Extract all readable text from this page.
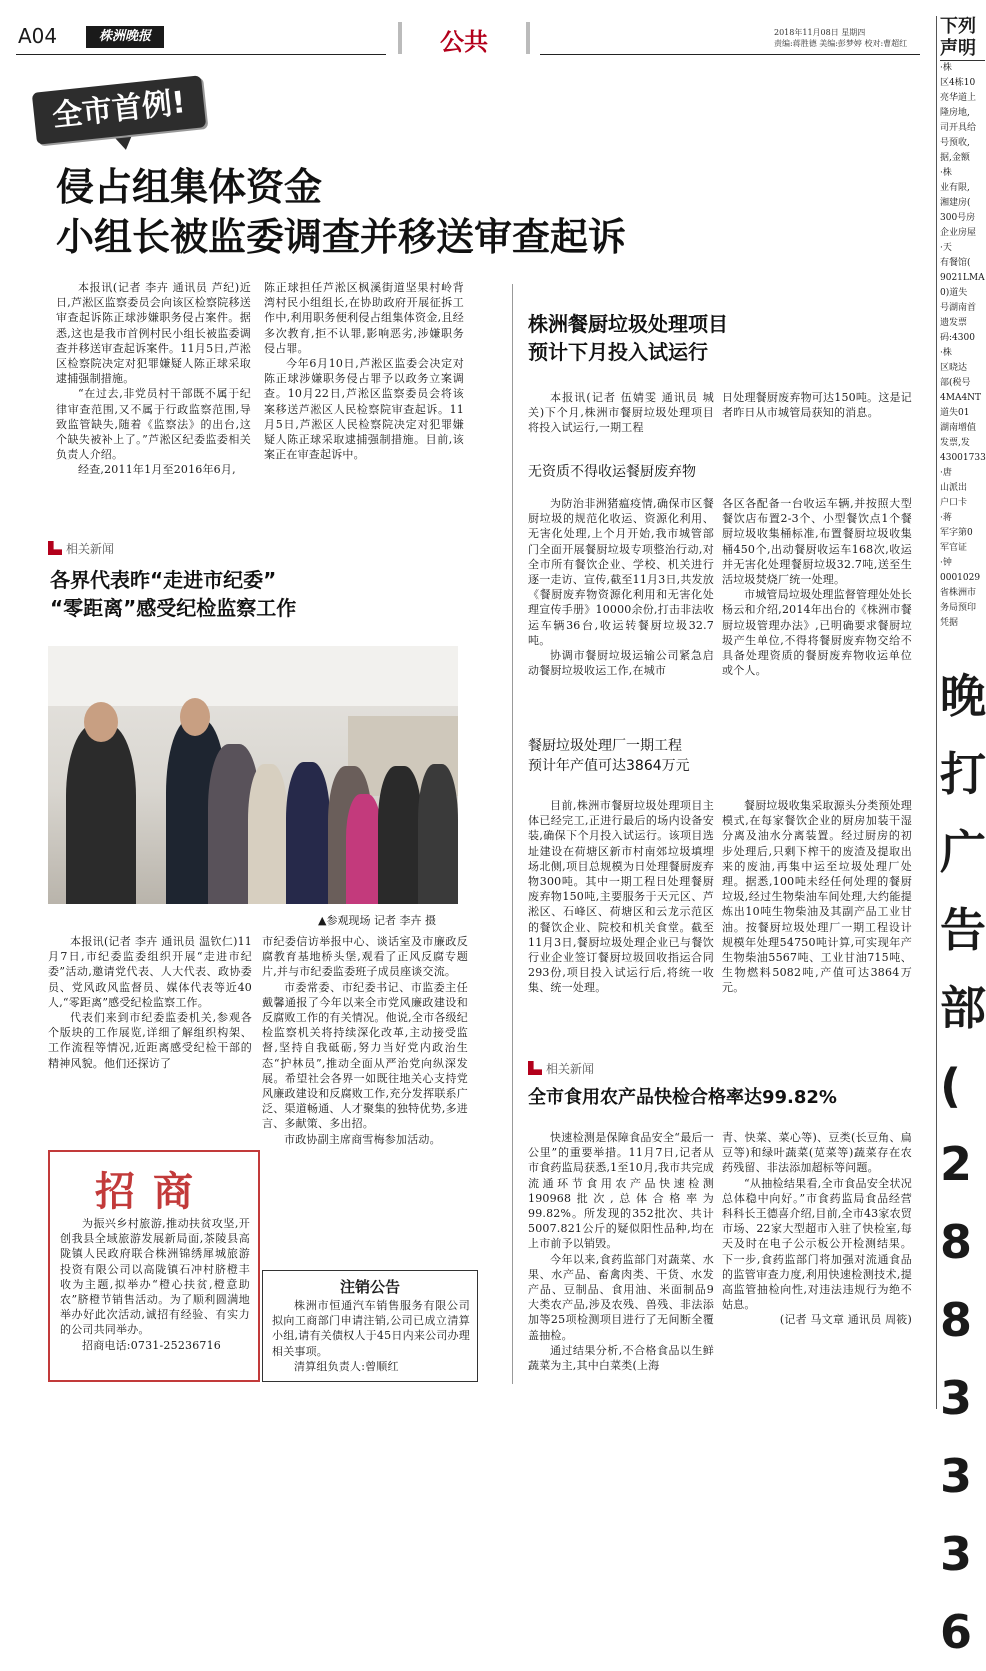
A04	株洲晚报	公共	2018年11月08日 星期四
责编:蒋胜德 美编:彭梦婷 校对:曹超红
全市首例!
侵占组集体资金
小组长被监委调查并移送审查起诉

本报讯(记者 李卉 通讯员 芦纪)近日,芦淞区监察委员会向该区检察院移送审查起诉陈正球涉嫌职务侵占案件。据悉,这也是我市首例村民小组长被监委调查并移送审查起诉案件。11月5日,芦淞区检察院决定对犯罪嫌疑人陈正球采取逮捕强制措施。

“在过去,非党员村干部既不属于纪律审查范围,又不属于行政监察范围,导致监管缺失,随着《监察法》的出台,这个缺失被补上了。”芦淞区纪委监委相关负责人介绍。

经查,2011年1月至2016年6月,

陈正球担任芦淞区枫溪街道坚果村岭背湾村民小组组长,在协助政府开展征拆工作中,利用职务便利侵占组集体资金,且经多次教育,拒不认罪,影响恶劣,涉嫌职务侵占罪。

今年6月10日,芦淞区监委会决定对陈正球涉嫌职务侵占罪予以政务立案调查。10月22日,芦淞区监察委员会将该案移送芦淞区人民检察院审查起诉。11月5日,芦淞区人民检察院决定对犯罪嫌疑人陈正球采取逮捕强制措施。目前,该案正在审查起诉中。

相关新闻
各界代表昨“走进市纪委”
“零距离”感受纪检监察工作
▲参观现场 记者 李卉 摄

本报讯(记者 李卉 通讯员 温钦仁)11月7日,市纪委监委组织开展“走进市纪委”活动,邀请党代表、人大代表、政协委员、党风政风监督员、媒体代表等近40人,“零距离”感受纪检监察工作。

代表们来到市纪委监委机关,参观各个版块的工作展览,详细了解组织构架、工作流程等情况,近距离感受纪检干部的精神风貌。他们还探访了

市纪委信访举报中心、谈话室及市廉政反腐教育基地桥头堡,观看了正风反腐专题片,并与市纪委监委班子成员座谈交流。

市委常委、市纪委书记、市监委主任戴馨通报了今年以来全市党风廉政建设和反腐败工作的有关情况。他说,全市各级纪检监察机关将持续深化改革,主动接受监督,坚持自我砥砺,努力当好党内政治生态“护林员”,推动全面从严治党向纵深发展。希望社会各界一如既往地关心支持党风廉政建设和反腐败工作,充分发挥联系广泛、渠道畅通、人才聚集的独特优势,多进言、多献策、多出招。

市政协副主席商雪梅参加活动。

招商

为振兴乡村旅游,推动扶贫攻坚,开创我县全域旅游发展新局面,茶陵县高陇镇人民政府联合株洲锦绣犀城旅游投资有限公司以高陇镇石冲村脐橙丰收为主题,拟举办“橙心扶贫,橙意助农”脐橙节销售活动。为了顺利圆满地举办好此次活动,诚招有经验、有实力的公司共同举办。

招商电话:0731-25236716

注销公告

株洲市恒通汽车销售服务有限公司拟向工商部门申请注销,公司已成立清算小组,请有关债权人于45日内来公司办理相关事项。

清算组负责人:曾顺红

株洲餐厨垃圾处理项目
预计下月投入试运行

本报讯(记者 伍婧雯 通讯员 城关)下个月,株洲市餐厨垃圾处理项目将投入试运行,一期工程

日处理餐厨废弃物可达150吨。这是记者昨日从市城管局获知的消息。

无资质不得收运餐厨废弃物

为防治非洲猪瘟疫情,确保市区餐厨垃圾的规范化收运、资源化利用、无害化处理,上个月开始,我市城管部门全面开展餐厨垃圾专项整治行动,对全市所有餐饮企业、学校、机关进行逐一走访、宣传,截至11月3日,共发放《餐厨废弃物资源化利用和无害化处理宣传手册》10000余份,打击非法收运车辆36台,收运转餐厨垃圾32.7吨。

协调市餐厨垃圾运输公司紧急启动餐厨垃圾收运工作,在城市

各区各配备一台收运车辆,并按照大型餐饮店布置2-3个、小型餐饮点1个餐厨垃圾收集桶标准,布置餐厨垃圾收集桶450个,出动餐厨收运车168次,收运并无害化处理餐厨垃圾32.7吨,送至生活垃圾焚烧厂统一处理。

市城管局垃圾处理监督管理处处长杨云和介绍,2014年出台的《株洲市餐厨垃圾管理办法》,已明确要求餐厨垃圾产生单位,不得将餐厨废弃物交给不具备处理资质的餐厨废弃物收运单位或个人。

餐厨垃圾处理厂一期工程
预计年产值可达3864万元

目前,株洲市餐厨垃圾处理项目主体已经完工,正进行最后的场内设备安装,确保下个月投入试运行。该项目选址建设在荷塘区新市村南郊垃圾填埋场北侧,项目总规模为日处理餐厨废弃物300吨。其中一期工程日处理餐厨废弃物150吨,主要服务于天元区、芦淞区、石峰区、荷塘区和云龙示范区的餐饮企业、院校和机关食堂。截至11月3日,餐厨垃圾处理企业已与餐饮行业企业签订餐厨垃圾回收指运合同293份,项目投入试运行后,将统一收集、统一处理。

餐厨垃圾收集采取源头分类预处理模式,在每家餐饮企业的厨房加装干湿分离及油水分离装置。经过厨房的初步处理后,只剩下榨干的废渣及提取出来的废油,再集中运至垃圾处理厂处理。据悉,100吨未经任何处理的餐厨垃圾,经过生物柴油车间处理,大约能提炼出10吨生物柴油及其副产品工业甘油。按餐厨垃圾处理厂一期工程设计规模年处理54750吨计算,可实现年产生物柴油5567吨、工业甘油715吨、生物燃料5082吨,产值可达3864万元。

相关新闻
全市食用农产品快检合格率达99.82%

快速检测是保障食品安全“最后一公里”的重要举措。11月7日,记者从市食药监局获悉,1至10月,我市共完成流通环节食用农产品快速检测190968批次,总体合格率为99.82%。所发现的352批次、共计5007.821公斤的疑似阳性品种,均在上市前予以销毁。

今年以来,食药监部门对蔬菜、水果、水产品、畜禽肉类、干货、水发产品、豆制品、食用油、米面制品9大类农产品,涉及农残、兽残、非法添加等25项检测项目进行了无间断全覆盖抽检。

通过结果分析,不合格食品以生鲜蔬菜为主,其中白菜类(上海

青、快菜、菜心等)、豆类(长豆角、扁豆等)和绿叶蔬菜(苋菜等)蔬菜存在农药残留、非法添加超标等问题。

“从抽检结果看,全市食品安全状况总体稳中向好。”市食药监局食品经营科科长王德喜介绍,目前,全市43家农贸市场、22家大型超市入驻了快检室,每天及时在电子公示板公开检测结果。下一步,食药监部门将加强对流通食品的监管审查力度,利用快速检测技术,提高监管抽检向性,对违法违规行为绝不姑息。

(记者 马文章 通讯员 周筱)

下列
声明
·株
区4栋10
亮华道上
隆房地,
司开具给
号预收,
据,金额
·株
业有限,
湘建房(
300号房
企业房屋
·天
有餐馆(
9021LMA
0)道失
号湖南首
遗发票
码:4300
·株
区晓达
部(税号
4MA4NT
道失01
湖南增值
发票,发
43001733
·唐
山派出
户口卡
·蒋
军字第0
军官证
·钟
0001029
省株洲市
务局预印
凭据
晚
打
广
告
部
(
2
8
8
3
3
3
6
